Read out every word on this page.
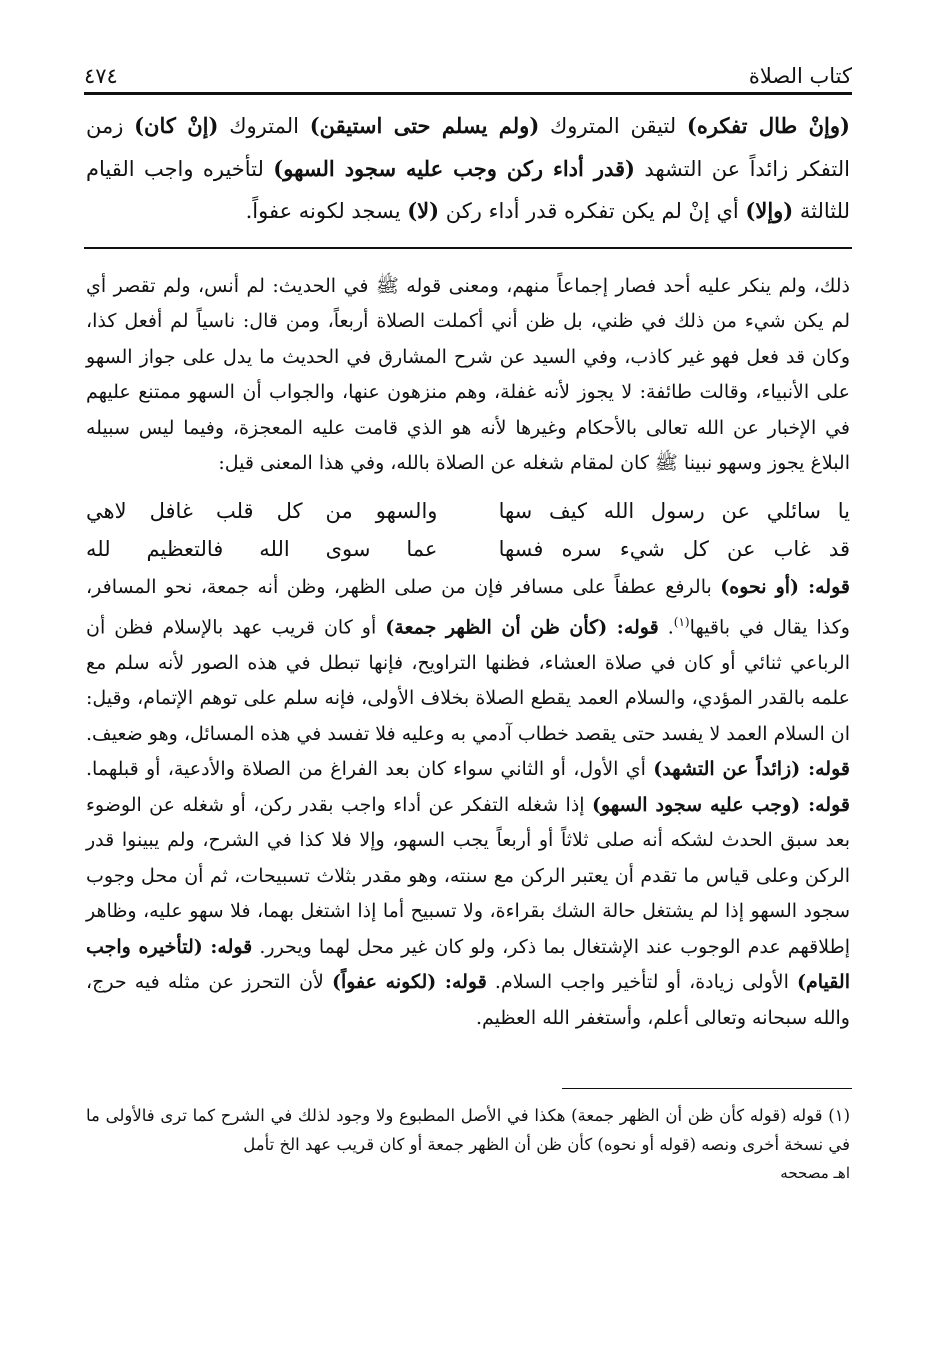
كتاب الصلاة
٤٧٤
(وإنْ طال تفكره) لتيقن المتروك (ولم يسلم حتى استيقن) المتروك (إنْ كان) زمن التفكر زائداً عن التشهد (قدر أداء ركن وجب عليه سجود السهو) لتأخيره واجب القيام للثالثة (وإلا) أي إنْ لم يكن تفكره قدر أداء ركن (لا) يسجد لكونه عفواً.

ذلك، ولم ينكر عليه أحد فصار إجماعاً منهم، ومعنى قوله ﷺ في الحديث: لم أنس، ولم تقصر أي لم يكن شيء من ذلك في ظني، بل ظن أني أكملت الصلاة أربعاً، ومن قال: ناسياً لم أفعل كذا، وكان قد فعل فهو غير كاذب، وفي السيد عن شرح المشارق في الحديث ما يدل على جواز السهو على الأنبياء، وقالت طائفة: لا يجوز لأنه غفلة، وهم منزهون عنها، والجواب أن السهو ممتنع عليهم في الإخبار عن الله تعالى بالأحكام وغيرها لأنه هو الذي قامت عليه المعجزة، وفيما ليس سبيله البلاغ يجوز وسهو نبينا ﷺ كان لمقام شغله عن الصلاة بالله، وفي هذا المعنى قيل:

يا سائلي عن رسول الله كيف سها
والسهو من كل قلب غافل لاهي
قد غاب عن كل شيء سره فسها
عما سوى الله فالتعظيم لله

قوله: (أو نحوه) بالرفع عطفاً على مسافر فإن من صلى الظهر، وظن أنه جمعة، نحو المسافر، وكذا يقال في باقيها$^{(١)}$. قوله: (كأن ظن أن الظهر جمعة) أو كان قريب عهد بالإسلام فظن أن الرباعي ثنائي أو كان في صلاة العشاء، فظنها التراويح، فإنها تبطل في هذه الصور لأنه سلم مع علمه بالقدر المؤدي، والسلام العمد يقطع الصلاة بخلاف الأولى، فإنه سلم على توهم الإتمام، وقيل: ان السلام العمد لا يفسد حتى يقصد خطاب آدمي به وعليه فلا تفسد في هذه المسائل، وهو ضعيف. قوله: (زائداً عن التشهد) أي الأول، أو الثاني سواء كان بعد الفراغ من الصلاة والأدعية، أو قبلهما. قوله: (وجب عليه سجود السهو) إذا شغله التفكر عن أداء واجب بقدر ركن، أو شغله عن الوضوء بعد سبق الحدث لشكه أنه صلى ثلاثاً أو أربعاً يجب السهو، وإلا فلا كذا في الشرح، ولم يبينوا قدر الركن وعلى قياس ما تقدم أن يعتبر الركن مع سنته، وهو مقدر بثلاث تسبيحات، ثم أن محل وجوب سجود السهو إذا لم يشتغل حالة الشك بقراءة، ولا تسبيح أما إذا اشتغل بهما، فلا سهو عليه، وظاهر إطلاقهم عدم الوجوب عند الإشتغال بما ذكر، ولو كان غير محل لهما ويحرر. قوله: (لتأخيره واجب القيام) الأولى زيادة، أو لتأخير واجب السلام. قوله: (لكونه عفواً) لأن التحرز عن مثله فيه حرج، والله سبحانه وتعالى أعلم، وأستغفر الله العظيم.

(١) قوله (قوله كأن ظن أن الظهر جمعة) هكذا في الأصل المطبوع ولا وجود لذلك في الشرح كما ترى فالأولى ما في نسخة أخرى ونصه (قوله أو نحوه) كأن ظن أن الظهر جمعة أو كان قريب عهد الخ تأمل

اهـ مصححه
